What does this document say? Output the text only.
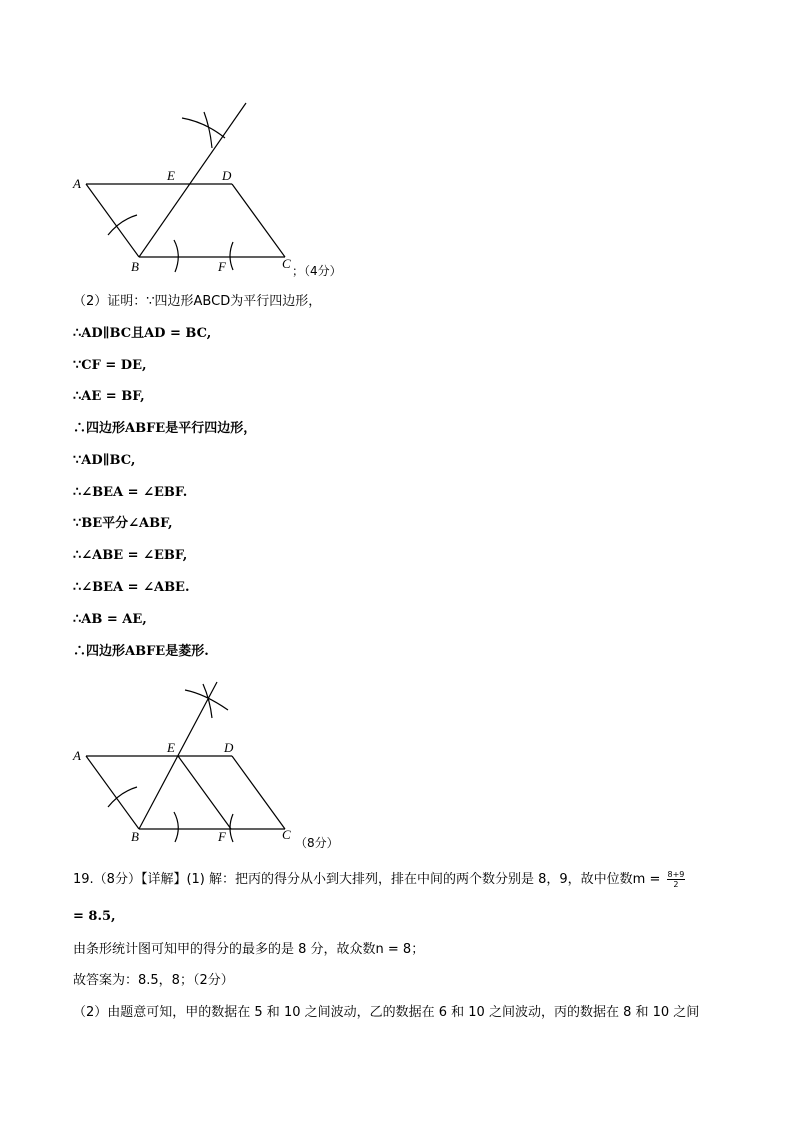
A
E	D
B	F	C ；（4分）
（2）证明：∵四边形ABCD为平行四边形，
∴AD∥BC且AD = BC,
∵CF = DE,
∴AE = BF,
∴四边形ABFE是平行四边形，
∵AD∥BC,
∴∠BEA = ∠EBF.
∵BE平分∠ABF,
∴∠ABE = ∠EBF,
∴∠BEA = ∠ABE.
∴AB = AE,
∴四边形ABFE是菱形.
A
E	D
B	F	C
（8分）
19.（8分）【详解】(1) 解：把丙的得分从小到大排列，排在中间的两个数分别是 8，9，故中位数$m = \frac{8+9}{2}$
= 8.5,
由条形统计图可知甲的得分的最多的是 8 分，故众数n = 8；
故答案为：8.5，8；（2分）
（2）由题意可知，甲的数据在 5 和 10 之间波动，乙的数据在 6 和 10 之间波动，丙的数据在 8 和 10 之间
